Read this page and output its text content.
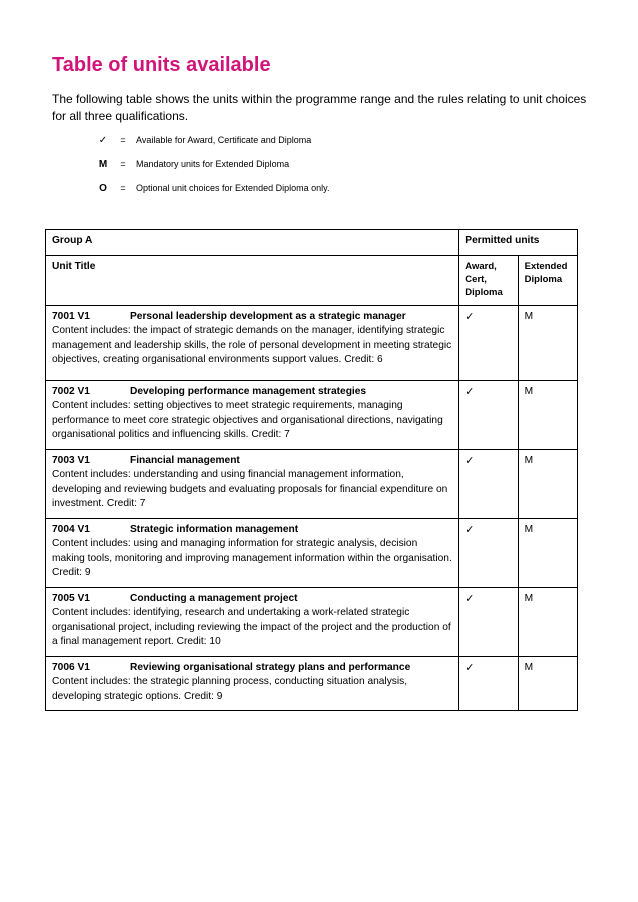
Table of units available
The following table shows the units within the programme range and the rules relating to unit choices for all three qualifications.
✓	=	Available for Award, Certificate and Diploma
M	=	Mandatory units for Extended Diploma
O	=	Optional unit choices for Extended Diploma only.
Group A	Permitted units	
Unit Title	Award, Cert, Diploma	Extended Diploma

7001 V1 Personal leadership development as a strategic manager
Content includes: the impact of strategic demands on the manager, identifying strategic management and leadership skills, the role of personal development in meeting strategic objectives, creating organisational environments support values. Credit: 6	✓	M

7002 V1 Developing performance management strategies
Content includes: setting objectives to meet strategic requirements, managing performance to meet core strategic objectives and organisational directions, navigating organisational politics and influencing skills. Credit: 7	✓	M

7003 V1 Financial management
Content includes: understanding and using financial management information, developing and reviewing budgets and evaluating proposals for financial expenditure on investment. Credit: 7	✓	M

7004 V1 Strategic information management
Content includes: using and managing information for strategic analysis, decision making tools, monitoring and improving management information within the organisation. Credit: 9	✓	M

7005 V1 Conducting a management project
Content includes: identifying, research and undertaking a work-related strategic organisational project, including reviewing the impact of the project and the production of a final management report. Credit: 10	✓	M

7006 V1 Reviewing organisational strategy plans and performance
Content includes: the strategic planning process, conducting situation analysis, developing strategic options. Credit: 9	✓	M
